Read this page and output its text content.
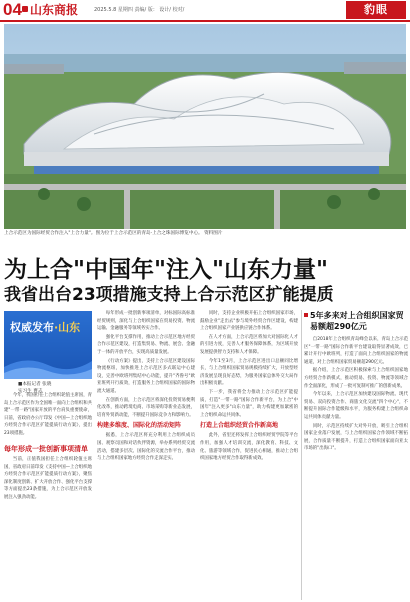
04 山东商报	2025.5.8 星期四 责编/ 版： 设计/ 校对/	豹眼
上合示范区为国际经贸合作注入"上合力量"。图为位于上合示范区的青岛·上合之珠国际博览中心。 资料图片
为上合"中国年"注入"山东力量"
我省出台23项措施支持上合示范区扩能提质
权威发布·山东
■本报记者 张晓
实习生 曹志

今年，我国担任上合组织轮值主席国，青岛上合示范区作为全国唯一面向上合组织和共建"一带一路"国家开放的平台肩负重要使命，日前，省政府办公厅印发《中国—上合组织地方经贸合作示范区扩能提质行动方案》，提出23项措施。

每年形成一批创新事项清单

当前，正值我国担任上合组织轮值主席国，省政府日前印发《支持中国—上合组织地方经贸合作示范区扩能提质行动方案》，聚焦深化制度创新、扩大开放合作、强化平台支撑等方面提出23条措施，为上合示范区开放发展注入强劲动能。

每年形成一批创新事项清单，对标国际高标准经贸规则，深化与上合组织国家在贸易投资、物流运输、金融服务等领域务实合作。

强化平台支撑作用，推动上合示范区地方经贸合作示范区建设，打造集贸易、物流、展会、金融于一体的开放平台，实现高质量发展。

《行动方案》提出，支持上合示范区建设国际物流枢纽，加快推进上合示范区多式联运中心建设，完善中欧班列集结中心功能，提升"齐鲁号"欧亚班列开行质效，打造服务上合组织国家的国际物流大通道。

在创新方面，上合示范区将深化投资贸易便利化改革，推动跨境电商、市场采购等新业态发展，培育外贸新动能，不断提升国际竞争力和影响力。

构建多维度、国际化的活动矩阵

据悉，上合示范区将充分利用上合组织成员国、观察员国和对话伙伴资源，举办系列经贸交流活动，搭建多层次、国际化的交流合作平台，推动与上合组织国家地方经贸合作走深走实。

同时，支持企业积极开拓上合组织国家市场，鼓励企业"走出去"参与境外经贸合作区建设，构建上合组织国家产业链供应链合作体系。

在人才方面，上合示范区将加大对国际化人才的引进力度，完善人才服务保障体系，为区域开放发展提供智力支持和人才保障。

今年1至3月，上合示范区进出口总额同比增长，与上合组织国家贸易规模持续扩大，开放型经济发展呈现良好态势，为服务国家总体外交大局作出积极贡献。

下一步，我省将全力推动上合示范区扩能提质，打造"一带一路"国际合作新平台，为上合"中国年"注入更多"山东力量"，助力构建更加紧密的上合组织命运共同体。

打造上合组织经贸合作新高地

此外，省里还将发挥上合组织经贸学院等平台作用，加强人才培训交流，深化教育、科技、文化、旅游等领域合作，促进民心相通，推动上合组织国家地方经贸合作取得新成效。

5年多来对上合组织国家贸易额超290亿元

自2018年上合组织青岛峰会以来，青岛上合示范区"一带一路"国际合作新平台建设取得显著成效，已累计开行中欧班列，打造了面向上合组织国家的物流通道，对上合组织国家贸易额超290亿元。

据介绍，上合示范区积极探索与上合组织国家地方经贸合作新模式，推动贸易、投资、物流等领域合作全面深化，形成了一批可复制可推广的创新成果。

今年以来，上合示范区加快建设国际物流、现代贸易、双向投资合作、商旅文化交流"四个中心"，不断提升国际合作能级和水平，为服务构建上合组织命运共同体贡献力量。

同时，示范区持续扩大对外开放，吸引上合组织国家企业落户发展，与上合组织国家合作领域不断拓展，合作质量不断提升，打造上合组织国家面向亚太市场的"出海口"。
